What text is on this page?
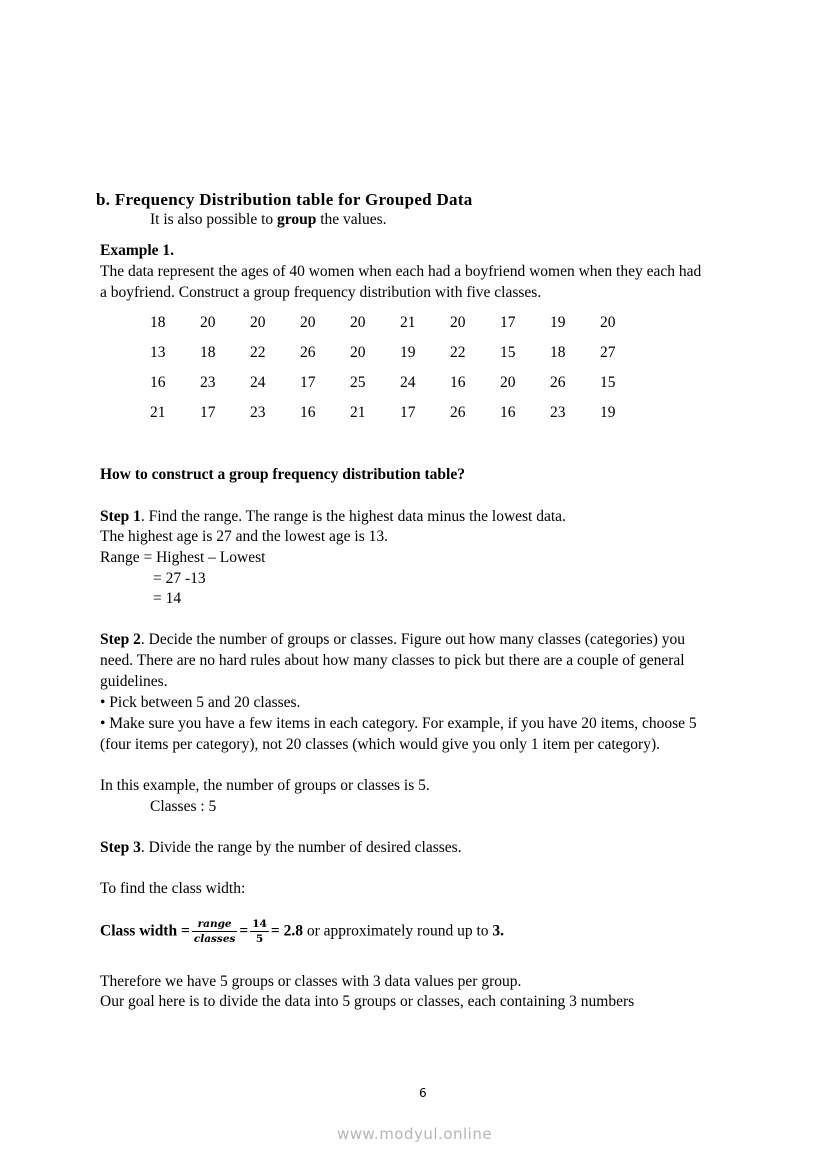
b. Frequency Distribution table for Grouped Data
It is also possible to group the values.
Example 1.
The data represent the ages of 40 women when each had a boyfriend women when they each had
a boyfriend. Construct a group frequency distribution with five classes.
18	20	20	20	20	21	20	17	19	20
13	18	22	26	20	19	22	15	18	27
16	23	24	17	25	24	16	20	26	15
21	17	23	16	21	17	26	16	23	19
How to construct a group frequency distribution table?
Step 1. Find the range. The range is the highest data minus the lowest data.
The highest age is 27 and the lowest age is 13.
Range = Highest – Lowest
= 27 -13
= 14
Step 2. Decide the number of groups or classes. Figure out how many classes (categories) you
need. There are no hard rules about how many classes to pick but there are a couple of general
guidelines.
• Pick between 5 and 20 classes.
• Make sure you have a few items in each category. For example, if you have 20 items, choose 5
(four items per category), not 20 classes (which would give you only 1 item per category).
In this example, the number of groups or classes is 5.
Classes : 5
Step 3. Divide the range by the number of desired classes.
To find the class width:
Class width = $\frac{\text{range}}{\text{classes}} = \frac{14}{5} = 2.8$ or approximately round up to 3.
Therefore we have 5 groups or classes with 3 data values per group.
Our goal here is to divide the data into 5 groups or classes, each containing 3 numbers
6
www.modyul.online
